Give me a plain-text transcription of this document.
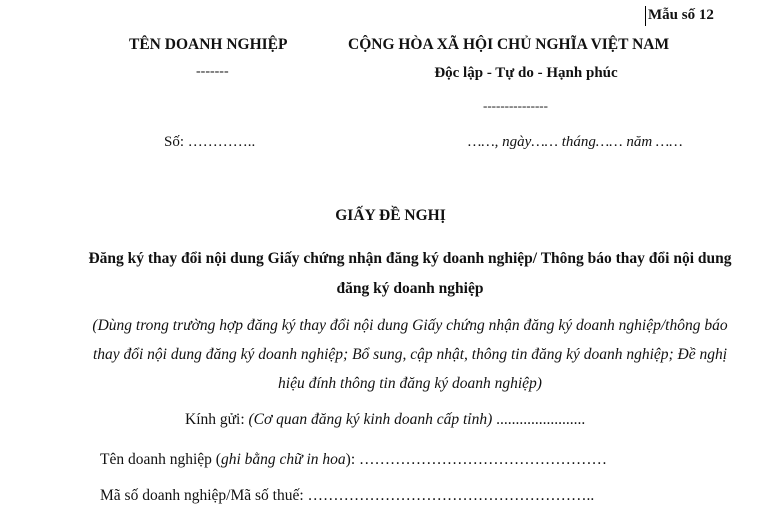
Mẫu số 12
TÊN DOANH NGHIỆP
-------
CỘNG HÒA XÃ HỘI CHỦ NGHĨA VIỆT NAM
Độc lập - Tự do - Hạnh phúc
---------------
Số: …………..	……, ngày…… tháng…… năm ……
GIẤY ĐỀ NGHỊ
Đăng ký thay đổi nội dung Giấy chứng nhận đăng ký doanh nghiệp/ Thông báo thay đổi nội dung đăng ký doanh nghiệp
(Dùng trong trường hợp đăng ký thay đổi nội dung Giấy chứng nhận đăng ký doanh nghiệp/thông báo thay đổi nội dung đăng ký doanh nghiệp; Bổ sung, cập nhật, thông tin đăng ký doanh nghiệp; Đề nghị hiệu đính thông tin đăng ký doanh nghiệp)
Kính gửi: (Cơ quan đăng ký kinh doanh cấp tỉnh) .......................
Tên doanh nghiệp (ghi bằng chữ in hoa): …………………………………………
Mã số doanh nghiệp/Mã số thuế: ………………………………………………..
